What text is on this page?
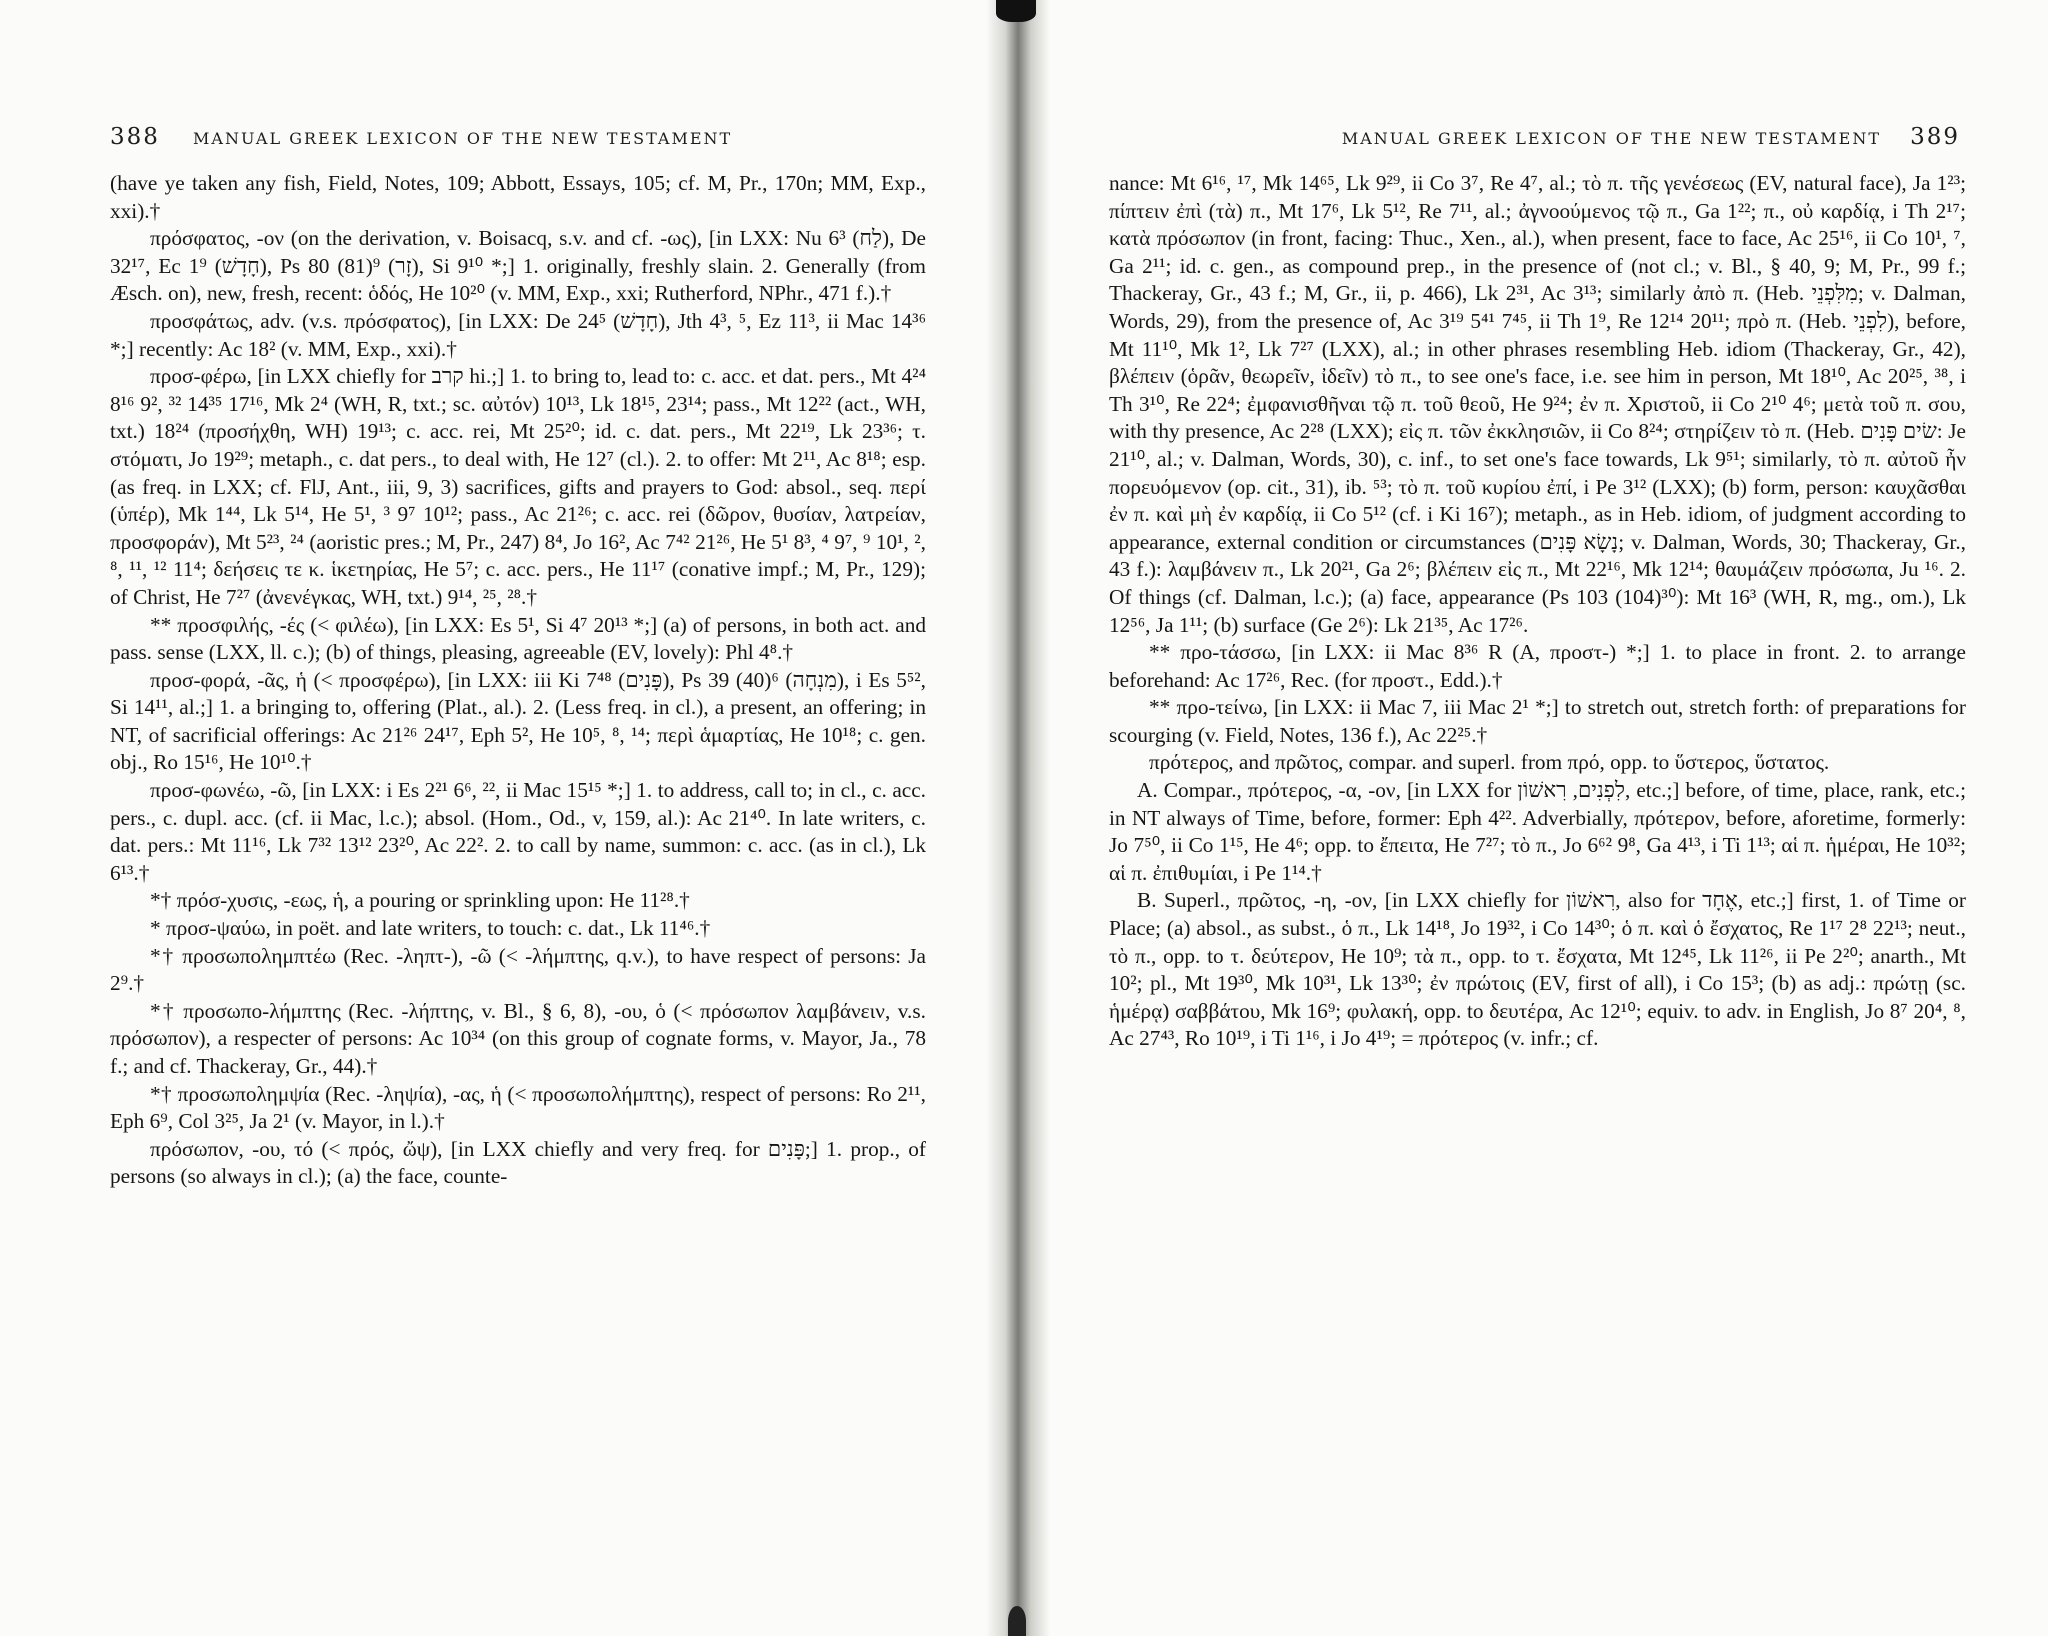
388 MANUAL GREEK LEXICON OF THE NEW TESTAMENT

(have ye taken any fish, Field, Notes, 109; Abbott, Essays, 105; cf. M, Pr., 170n; MM, Exp., xxi).†

πρόσφατος, -ον (on the derivation, v. Boisacq, s.v. and cf. -ως), [in LXX: Nu 6³ (לַח), De 32¹⁷, Ec 1⁹ (חָדָשׁ), Ps 80 (81)⁹ (זָר), Si 9¹⁰ *;] 1. originally, freshly slain. 2. Generally (from Æsch. on), new, fresh, recent: ὁδός, He 10²⁰ (v. MM, Exp., xxi; Rutherford, NPhr., 471 f.).†

προσφάτως, adv. (v.s. πρόσφατος), [in LXX: De 24⁵ (חָדָשׁ), Jth 4³, ⁵, Ez 11³, ii Mac 14³⁶ *;] recently: Ac 18² (v. MM, Exp., xxi).†

προσ-φέρω, [in LXX chiefly for קרב hi.;] 1. to bring to, lead to: c. acc. et dat. pers., Mt 4²⁴ 8¹⁶ 9², ³² 14³⁵ 17¹⁶, Mk 2⁴ (WH, R, txt.; sc. αὐτόν) 10¹³, Lk 18¹⁵, 23¹⁴; pass., Mt 12²² (act., WH, txt.) 18²⁴ (προσήχθη, WH) 19¹³; c. acc. rei, Mt 25²⁰; id. c. dat. pers., Mt 22¹⁹, Lk 23³⁶; τ. στόματι, Jo 19²⁹; metaph., c. dat pers., to deal with, He 12⁷ (cl.). 2. to offer: Mt 2¹¹, Ac 8¹⁸; esp. (as freq. in LXX; cf. FlJ, Ant., iii, 9, 3) sacrifices, gifts and prayers to God: absol., seq. περί (ὑπέρ), Mk 1⁴⁴, Lk 5¹⁴, He 5¹, ³ 9⁷ 10¹²; pass., Ac 21²⁶; c. acc. rei (δῶρον, θυσίαν, λατρείαν, προσφοράν), Mt 5²³, ²⁴ (aoristic pres.; M, Pr., 247) 8⁴, Jo 16², Ac 7⁴² 21²⁶, He 5¹ 8³, ⁴ 9⁷, ⁹ 10¹, ², ⁸, ¹¹, ¹² 11⁴; δεήσεις τε κ. ἱκετηρίας, He 5⁷; c. acc. pers., He 11¹⁷ (conative impf.; M, Pr., 129); of Christ, He 7²⁷ (ἀνενέγκας, WH, txt.) 9¹⁴, ²⁵, ²⁸.†

** προσφιλής, -ές (< φιλέω), [in LXX: Es 5¹, Si 4⁷ 20¹³ *;] (a) of persons, in both act. and pass. sense (LXX, ll. c.); (b) of things, pleasing, agreeable (EV, lovely): Phl 4⁸.†

προσ-φορά, -ᾶς, ἡ (< προσφέρω), [in LXX: iii Ki 7⁴⁸ (פָּנִים), Ps 39 (40)⁶ (מִנְחָה), i Es 5⁵², Si 14¹¹, al.;] 1. a bringing to, offering (Plat., al.). 2. (Less freq. in cl.), a present, an offering; in NT, of sacrificial offerings: Ac 21²⁶ 24¹⁷, Eph 5², He 10⁵, ⁸, ¹⁴; περὶ ἁμαρτίας, He 10¹⁸; c. gen. obj., Ro 15¹⁶, He 10¹⁰.†

προσ-φωνέω, -ῶ, [in LXX: i Es 2²¹ 6⁶, ²², ii Mac 15¹⁵ *;] 1. to address, call to; in cl., c. acc. pers., c. dupl. acc. (cf. ii Mac, l.c.); absol. (Hom., Od., v, 159, al.): Ac 21⁴⁰. In late writers, c. dat. pers.: Mt 11¹⁶, Lk 7³² 13¹² 23²⁰, Ac 22². 2. to call by name, summon: c. acc. (as in cl.), Lk 6¹³.†

*† πρόσ-χυσις, -εως, ἡ, a pouring or sprinkling upon: He 11²⁸.†

* προσ-ψαύω, in poët. and late writers, to touch: c. dat., Lk 11⁴⁶.†

*† προσωπολημπτέω (Rec. -ληπτ-), -ῶ (< -λήμπτης, q.v.), to have respect of persons: Ja 2⁹.†

*† προσωπο-λήμπτης (Rec. -λήπτης, v. Bl., § 6, 8), -ου, ὁ (< πρόσωπον λαμβάνειν, v.s. πρόσωπον), a respecter of persons: Ac 10³⁴ (on this group of cognate forms, v. Mayor, Ja., 78 f.; and cf. Thackeray, Gr., 44).†

*† προσωπολημψία (Rec. -ληψία), -ας, ἡ (< προσωπολήμπτης), respect of persons: Ro 2¹¹, Eph 6⁹, Col 3²⁵, Ja 2¹ (v. Mayor, in l.).†

πρόσωπον, -ου, τό (< πρός, ὤψ), [in LXX chiefly and very freq. for פָּנִים;] 1. prop., of persons (so always in cl.); (a) the face, counte-

MANUAL GREEK LEXICON OF THE NEW TESTAMENT 389

nance: Mt 6¹⁶, ¹⁷, Mk 14⁶⁵, Lk 9²⁹, ii Co 3⁷, Re 4⁷, al.; τὸ π. τῆς γενέσεως (EV, natural face), Ja 1²³; πίπτειν ἐπὶ (τὰ) π., Mt 17⁶, Lk 5¹², Re 7¹¹, al.; ἀγνοούμενος τῷ π., Ga 1²²; π., οὐ καρδίᾳ, i Th 2¹⁷; κατὰ πρόσωπον (in front, facing: Thuc., Xen., al.), when present, face to face, Ac 25¹⁶, ii Co 10¹, ⁷, Ga 2¹¹; id. c. gen., as compound prep., in the presence of (not cl.; v. Bl., § 40, 9; M, Pr., 99 f.; Thackeray, Gr., 43 f.; M, Gr., ii, p. 466), Lk 2³¹, Ac 3¹³; similarly ἀπὸ π. (Heb. מִלִּפְנֵי; v. Dalman, Words, 29), from the presence of, Ac 3¹⁹ 5⁴¹ 7⁴⁵, ii Th 1⁹, Re 12¹⁴ 20¹¹; πρὸ π. (Heb. לִפְנֵי), before, Mt 11¹⁰, Mk 1², Lk 7²⁷ (LXX), al.; in other phrases resembling Heb. idiom (Thackeray, Gr., 42), βλέπειν (ὁρᾶν, θεωρεῖν, ἰδεῖν) τὸ π., to see one's face, i.e. see him in person, Mt 18¹⁰, Ac 20²⁵, ³⁸, i Th 3¹⁰, Re 22⁴; ἐμφανισθῆναι τῷ π. τοῦ θεοῦ, He 9²⁴; ἐν π. Χριστοῦ, ii Co 2¹⁰ 4⁶; μετὰ τοῦ π. σου, with thy presence, Ac 2²⁸ (LXX); εἰς π. τῶν ἐκκλησιῶν, ii Co 8²⁴; στηρίζειν τὸ π. (Heb. שׂים פָּנִים: Je 21¹⁰, al.; v. Dalman, Words, 30), c. inf., to set one's face towards, Lk 9⁵¹; similarly, τὸ π. αὐτοῦ ἦν πορευόμενον (op. cit., 31), ib. ⁵³; τὸ π. τοῦ κυρίου ἐπί, i Pe 3¹² (LXX); (b) form, person: καυχᾶσθαι ἐν π. καὶ μὴ ἐν καρδίᾳ, ii Co 5¹² (cf. i Ki 16⁷); metaph., as in Heb. idiom, of judgment according to appearance, external condition or circumstances (נָשָׂא פָּנִים; v. Dalman, Words, 30; Thackeray, Gr., 43 f.): λαμβάνειν π., Lk 20²¹, Ga 2⁶; βλέπειν εἰς π., Mt 22¹⁶, Mk 12¹⁴; θαυμάζειν πρόσωπα, Ju ¹⁶. 2. Of things (cf. Dalman, l.c.); (a) face, appearance (Ps 103 (104)³⁰): Mt 16³ (WH, R, mg., om.), Lk 12⁵⁶, Ja 1¹¹; (b) surface (Ge 2⁶): Lk 21³⁵, Ac 17²⁶.

** προ-τάσσω, [in LXX: ii Mac 8³⁶ R (A, προστ-) *;] 1. to place in front. 2. to arrange beforehand: Ac 17²⁶, Rec. (for προστ., Edd.).†

** προ-τείνω, [in LXX: ii Mac 7, iii Mac 2¹ *;] to stretch out, stretch forth: of preparations for scourging (v. Field, Notes, 136 f.), Ac 22²⁵.†

πρότερος, and πρῶτος, compar. and superl. from πρό, opp. to ὕστερος, ὕστατος.

A. Compar., πρότερος, -α, -ον, [in LXX for לִפְנִים, רִאשׁוֹן, etc.;] before, of time, place, rank, etc.; in NT always of Time, before, former: Eph 4²². Adverbially, πρότερον, before, aforetime, formerly: Jo 7⁵⁰, ii Co 1¹⁵, He 4⁶; opp. to ἔπειτα, He 7²⁷; τὸ π., Jo 6⁶² 9⁸, Ga 4¹³, i Ti 1¹³; αἱ π. ἡμέραι, He 10³²; αἱ π. ἐπιθυμίαι, i Pe 1¹⁴.†

B. Superl., πρῶτος, -η, -ον, [in LXX chiefly for רִאשׁוֹן, also for אֶחָד, etc.;] first, 1. of Time or Place; (a) absol., as subst., ὁ π., Lk 14¹⁸, Jo 19³², i Co 14³⁰; ὁ π. καὶ ὁ ἔσχατος, Re 1¹⁷ 2⁸ 22¹³; neut., τὸ π., opp. to τ. δεύτερον, He 10⁹; τὰ π., opp. to τ. ἔσχατα, Mt 12⁴⁵, Lk 11²⁶, ii Pe 2²⁰; anarth., Mt 10²; pl., Mt 19³⁰, Mk 10³¹, Lk 13³⁰; ἐν πρώτοις (EV, first of all), i Co 15³; (b) as adj.: πρώτῃ (sc. ἡμέρᾳ) σαββάτου, Mk 16⁹; φυλακή, opp. to δευτέρα, Ac 12¹⁰; equiv. to adv. in English, Jo 8⁷ 20⁴, ⁸, Ac 27⁴³, Ro 10¹⁹, i Ti 1¹⁶, i Jo 4¹⁹; = πρότερος (v. infr.; cf.
